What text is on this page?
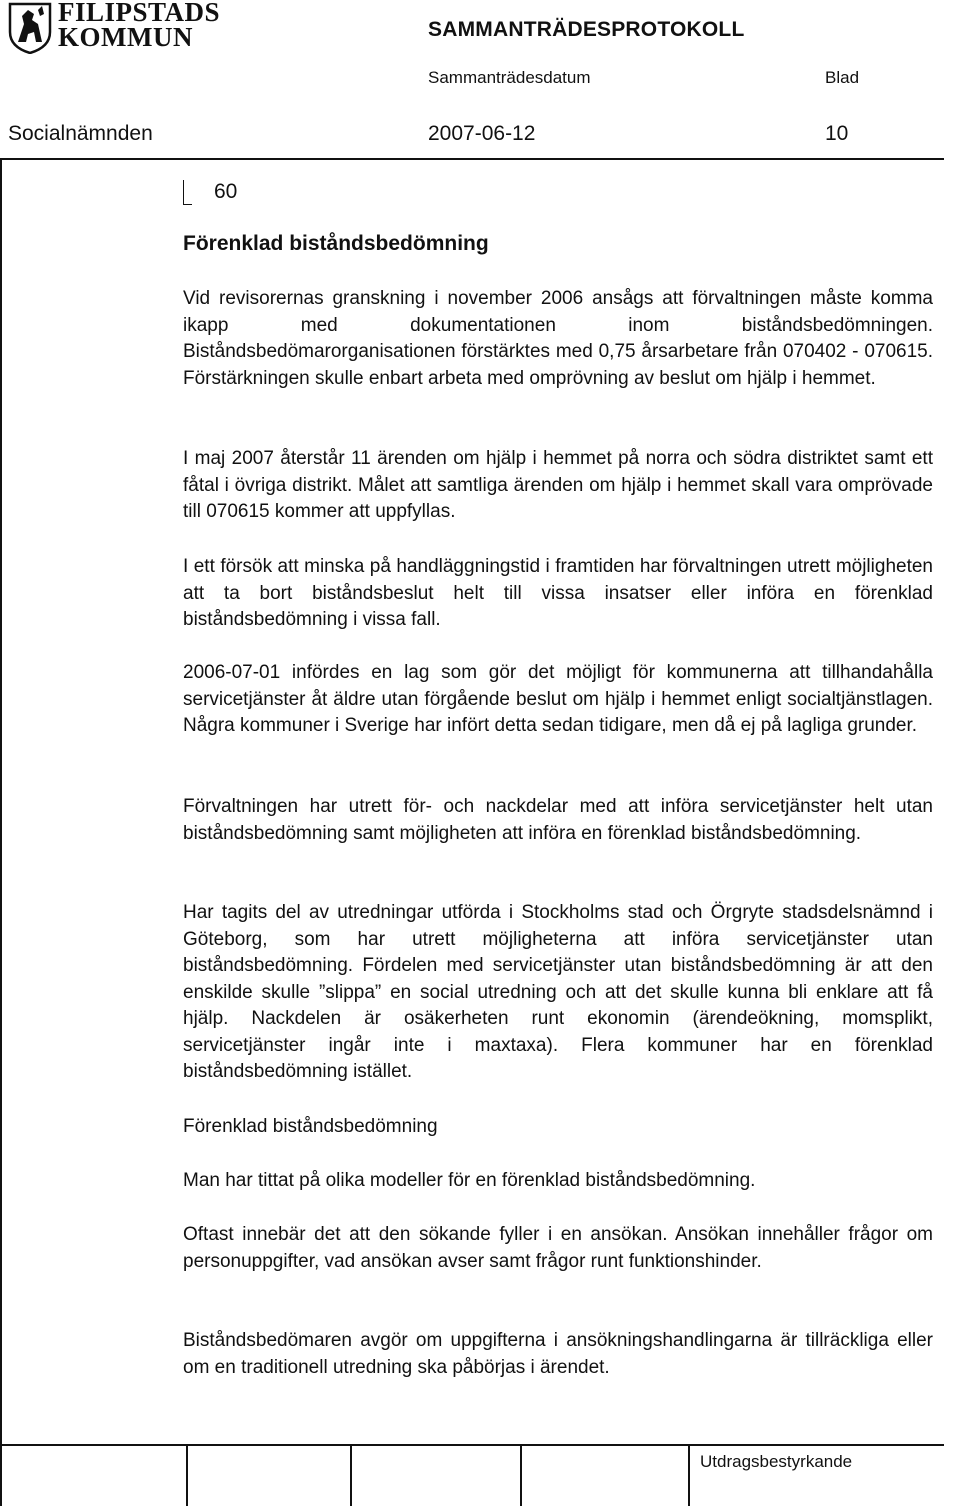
FILIPSTADS
KOMMUN	SAMMANTRÄDESPROTOKOLL
Sammanträdesdatum	Blad
Socialnämnden	2007-06-12	10
60
Förenklad biståndsbedömning

Vid revisorernas granskning i november 2006 ansågs att förvaltningen måste komma ikapp med dokumentationen inom biståndsbedömningen. Biståndsbedömarorganisationen förstärktes med 0,75 årsarbetare från 070402 - 070615. Förstärkningen skulle enbart arbeta med omprövning av beslut om hjälp i hemmet.

I maj 2007 återstår 11 ärenden om hjälp i hemmet på norra och södra distriktet samt ett fåtal i övriga distrikt. Målet att samtliga ärenden om hjälp i hemmet skall vara omprövade till 070615 kommer att uppfyllas.

I ett försök att minska på handläggningstid i framtiden har förvaltningen utrett möjligheten att ta bort biståndsbeslut helt till vissa insatser eller införa en förenklad biståndsbedömning i vissa fall.

2006-07-01 infördes en lag som gör det möjligt för kommunerna att tillhandahålla servicetjänster åt äldre utan förgående beslut om hjälp i hemmet enligt socialtjänstlagen. Några kommuner i Sverige har infört detta sedan tidigare, men då ej på lagliga grunder.

Förvaltningen har utrett för- och nackdelar med att införa servicetjänster helt utan biståndsbedömning samt möjligheten att införa en förenklad biståndsbedömning.

Har tagits del av utredningar utförda i Stockholms stad och Örgryte stadsdelsnämnd i Göteborg, som har utrett möjligheterna att införa servicetjänster utan biståndsbedömning. Fördelen med servicetjänster utan biståndsbedömning är att den enskilde skulle ”slippa” en social utredning och att det skulle kunna bli enklare att få hjälp. Nackdelen är osäkerheten runt ekonomin (ärendeökning, momsplikt, servicetjänster ingår inte i maxtaxa). Flera kommuner har en förenklad biståndsbedömning istället.

Förenklad biståndsbedömning

Man har tittat på olika modeller för en förenklad biståndsbedömning.

Oftast innebär det att den sökande fyller i en ansökan. Ansökan innehåller frågor om personuppgifter, vad ansökan avser samt frågor runt funktionshinder.

Biståndsbedömaren avgör om uppgifterna i ansökningshandlingarna är tillräckliga eller om en traditionell utredning ska påbörjas i ärendet.

Utdragsbestyrkande
